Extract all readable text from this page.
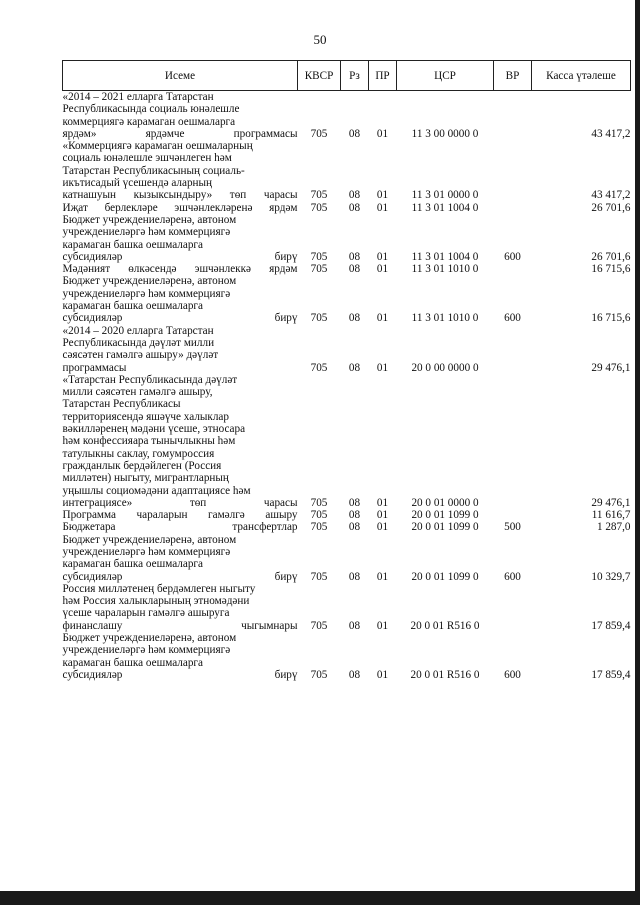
50
Исеме	КВСР	Рз	ПР	ЦСР	ВР	Касса үтәлеше
«2014 – 2021 елларга Татарстан						
Республикасында социаль юнәлешле						
коммерциягә карамаган оешмаларга						
ярдәм» ярдәмче программасы	705	08	01	11 3 00 0000 0		43 417,2
«Коммерциягә карамаган оешмаларның						
социаль юнәлешле эшчәнлеген һәм						
Татарстан Республикасының социаль-						
икътисадый үсешендә аларның						
катнашуын кызыксындыру» төп чарасы	705	08	01	11 3 01 0000 0		43 417,2
Иҗат берлекләре эшчәнлекләренә ярдәм	705	08	01	11 3 01 1004 0		26 701,6
Бюджет учреждениеләренә, автоном						
учреждениеләргә һәм коммерциягә						
карамаган башка оешмаларга						
субсидияләр бирү	705	08	01	11 3 01 1004 0	600	26 701,6
Мәдәният өлкәсендә эшчәнлеккә ярдәм	705	08	01	11 3 01 1010 0		16 715,6
Бюджет учреждениеләренә, автоном						
учреждениеләргә һәм коммерциягә						
карамаган башка оешмаларга						
субсидияләр бирү	705	08	01	11 3 01 1010 0	600	16 715,6
«2014 – 2020 елларга Татарстан						
Республикасында дәүләт милли						
сәясәтен гамәлгә ашыру» дәүләт						
программасы	705	08	01	20 0 00 0000 0		29 476,1
«Татарстан Республикасында дәүләт						
милли сәясәтен гамәлгә ашыру,						
Татарстан Республикасы						
территориясендә яшәүче халыклар						
вәкилләренең мәдәни үсеше, этносара						
һәм конфессияара тынычлыкны һәм						
татулыкны саклау, гомумроссия						
гражданлык бердәйлеген (Россия						
милләтен) ныгыту, мигрантларның						
уңышлы социомәдәни адаптациясе һәм						
интеграциясе» төп чарасы	705	08	01	20 0 01 0000 0		29 476,1
Программа чараларын гамәлгә ашыру	705	08	01	20 0 01 1099 0		11 616,7
Бюджетара трансфертлар	705	08	01	20 0 01 1099 0	500	1 287,0
Бюджет учреждениеләренә, автоном						
учреждениеләргә һәм коммерциягә						
карамаган башка оешмаларга						
субсидияләр бирү	705	08	01	20 0 01 1099 0	600	10 329,7
Россия милләтенең бердәмлеген ныгыту						
һәм Россия халыкларының этномәдәни						
үсеше чараларын гамәлгә ашыруга						
финанслашу чыгымнары	705	08	01	20 0 01 R516 0		17 859,4
Бюджет учреждениеләренә, автоном						
учреждениеләргә һәм коммерциягә						
карамаган башка оешмаларга						
субсидияләр бирү	705	08	01	20 0 01 R516 0	600	17 859,4
